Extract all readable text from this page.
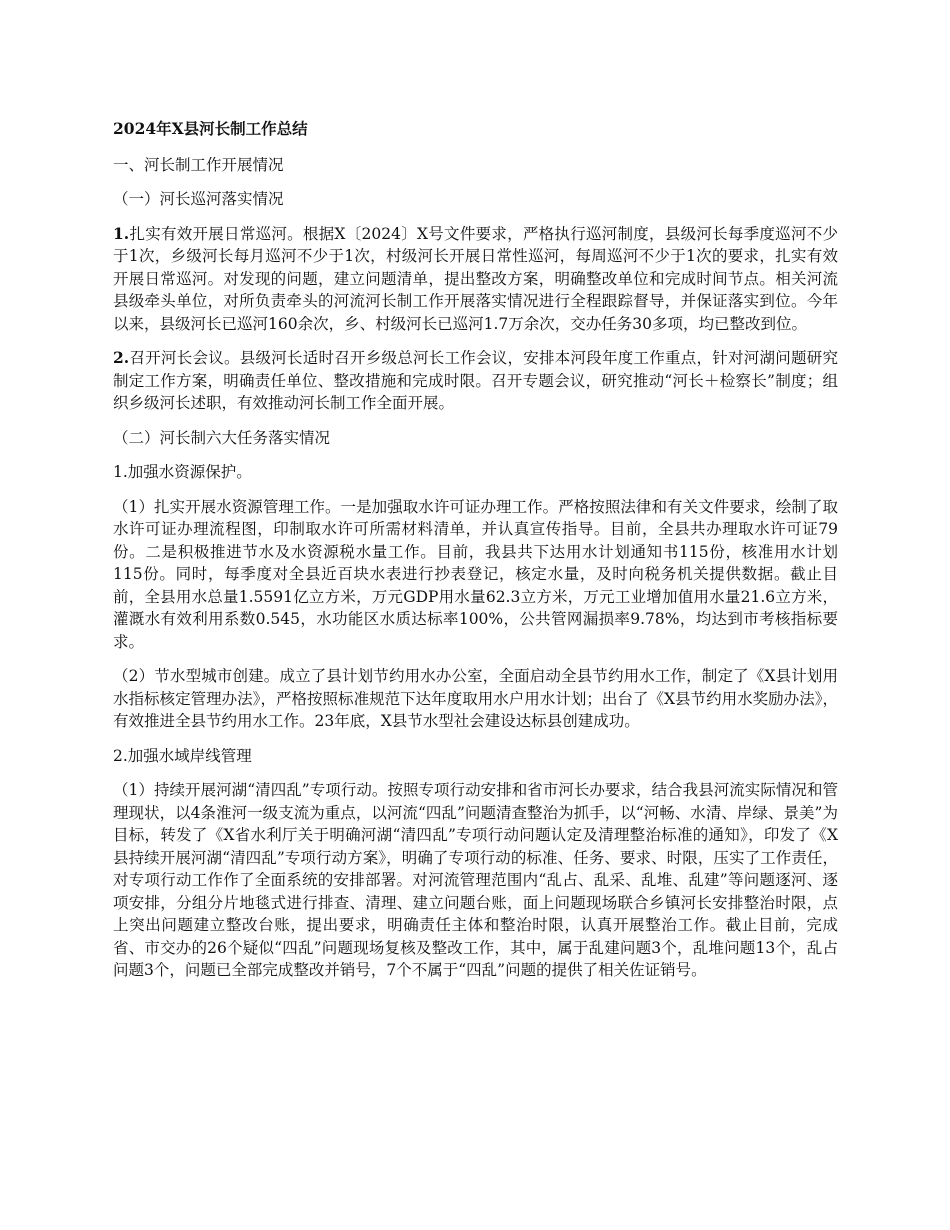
2024年X县河长制工作总结

一、河长制工作开展情况

（一）河长巡河落实情况

1.扎实有效开展日常巡河。根据X〔2024〕X号文件要求，严格执行巡河制度，县级河长每季度巡河不少于1次，乡级河长每月巡河不少于1次，村级河长开展日常性巡河，每周巡河不少于1次的要求，扎实有效开展日常巡河。对发现的问题，建立问题清单，提出整改方案，明确整改单位和完成时间节点。相关河流县级牵头单位，对所负责牵头的河流河长制工作开展落实情况进行全程跟踪督导，并保证落实到位。今年以来，县级河长已巡河160余次，乡、村级河长已巡河1.7万余次，交办任务30多项，均已整改到位。

2.召开河长会议。县级河长适时召开乡级总河长工作会议，安排本河段年度工作重点，针对河湖问题研究制定工作方案，明确责任单位、整改措施和完成时限。召开专题会议，研究推动“河长＋检察长”制度；组织乡级河长述职，有效推动河长制工作全面开展。

（二）河长制六大任务落实情况

1.加强水资源保护。

（1）扎实开展水资源管理工作。一是加强取水许可证办理工作。严格按照法律和有关文件要求，绘制了取水许可证办理流程图，印制取水许可所需材料清单，并认真宣传指导。目前，全县共办理取水许可证79份。二是积极推进节水及水资源税水量工作。目前，我县共下达用水计划通知书115份，核准用水计划115份。同时，每季度对全县近百块水表进行抄表登记，核定水量，及时向税务机关提供数据。截止目前，全县用水总量1.5591亿立方米，万元GDP用水量62.3立方米，万元工业增加值用水量21.6立方米，灌溉水有效利用系数0.545，水功能区水质达标率100%，公共管网漏损率9.78%，均达到市考核指标要求。

（2）节水型城市创建。成立了县计划节约用水办公室，全面启动全县节约用水工作，制定了《X县计划用水指标核定管理办法》，严格按照标准规范下达年度取用水户用水计划；出台了《X县节约用水奖励办法》，有效推进全县节约用水工作。23年底，X县节水型社会建设达标县创建成功。

2.加强水域岸线管理

（1）持续开展河湖“清四乱”专项行动。按照专项行动安排和省市河长办要求，结合我县河流实际情况和管理现状，以4条淮河一级支流为重点，以河流“四乱”问题清查整治为抓手，以“河畅、水清、岸绿、景美”为目标，转发了《X省水利厅关于明确河湖“清四乱”专项行动问题认定及清理整治标准的通知》，印发了《X县持续开展河湖“清四乱”专项行动方案》，明确了专项行动的标准、任务、要求、时限，压实了工作责任，对专项行动工作作了全面系统的安排部署。对河流管理范围内“乱占、乱采、乱堆、乱建”等问题逐河、逐项安排，分组分片地毯式进行排查、清理、建立问题台账，面上问题现场联合乡镇河长安排整治时限，点上突出问题建立整改台账，提出要求，明确责任主体和整治时限，认真开展整治工作。截止目前，完成省、市交办的26个疑似“四乱”问题现场复核及整改工作，其中，属于乱建问题3个，乱堆问题13个，乱占问题3个，问题已全部完成整改并销号，7个不属于“四乱”问题的提供了相关佐证销号。
